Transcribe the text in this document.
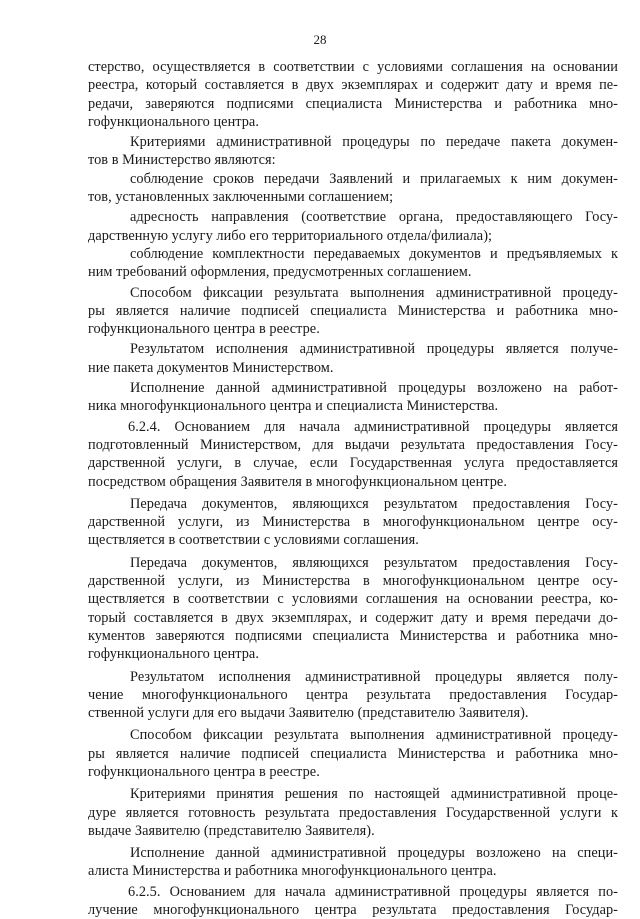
28
стерство, осуществляется в соответствии с условиями соглашения на основании
реестра, который составляется в двух экземплярах и содержит дату и время пе-
редачи, заверяются подписями специалиста Министерства и работника мно-
гофункционального центра.
Критериями административной процедуры по передаче пакета докумен-
тов в Министерство являются:
соблюдение сроков передачи Заявлений и прилагаемых к ним докумен-
тов, установленных заключенными соглашением;
адресность направления (соответствие органа, предоставляющего Госу-
дарственную услугу либо его территориального отдела/филиала);
соблюдение комплектности передаваемых документов и предъявляемых к
ним требований оформления, предусмотренных соглашением.
Способом фиксации результата выполнения административной процеду-
ры является наличие подписей специалиста Министерства и работника мно-
гофункционального центра в реестре.
Результатом исполнения административной процедуры является получе-
ние пакета документов Министерством.
Исполнение данной административной процедуры возложено на работ-
ника многофункционального центра и специалиста Министерства.
6.2.4. Основанием для начала административной процедуры является
подготовленный Министерством, для выдачи результата предоставления Госу-
дарственной услуги, в случае, если Государственная услуга предоставляется
посредством обращения Заявителя в многофункциональном центре.
Передача документов, являющихся результатом предоставления Госу-
дарственной услуги, из Министерства в многофункциональном центре осу-
ществляется в соответствии с условиями соглашения.
Передача документов, являющихся результатом предоставления Госу-
дарственной услуги, из Министерства в многофункциональном центре осу-
ществляется в соответствии с условиями соглашения на основании реестра, ко-
торый составляется в двух экземплярах, и содержит дату и время передачи до-
кументов заверяются подписями специалиста Министерства и работника мно-
гофункционального центра.
Результатом исполнения административной процедуры является полу-
чение многофункционального центра результата предоставления Государ-
ственной услуги для его выдачи Заявителю (представителю Заявителя).
Способом фиксации результата выполнения административной процеду-
ры является наличие подписей специалиста Министерства и работника мно-
гофункционального центра в реестре.
Критериями принятия решения по настоящей административной проце-
дуре является готовность результата предоставления Государственной услуги к
выдаче Заявителю (представителю Заявителя).
Исполнение данной административной процедуры возложено на специ-
алиста Министерства и работника многофункционального центра.
6.2.5. Основанием для начала административной процедуры является по-
лучение многофункционального центра результата предоставления Государ-
